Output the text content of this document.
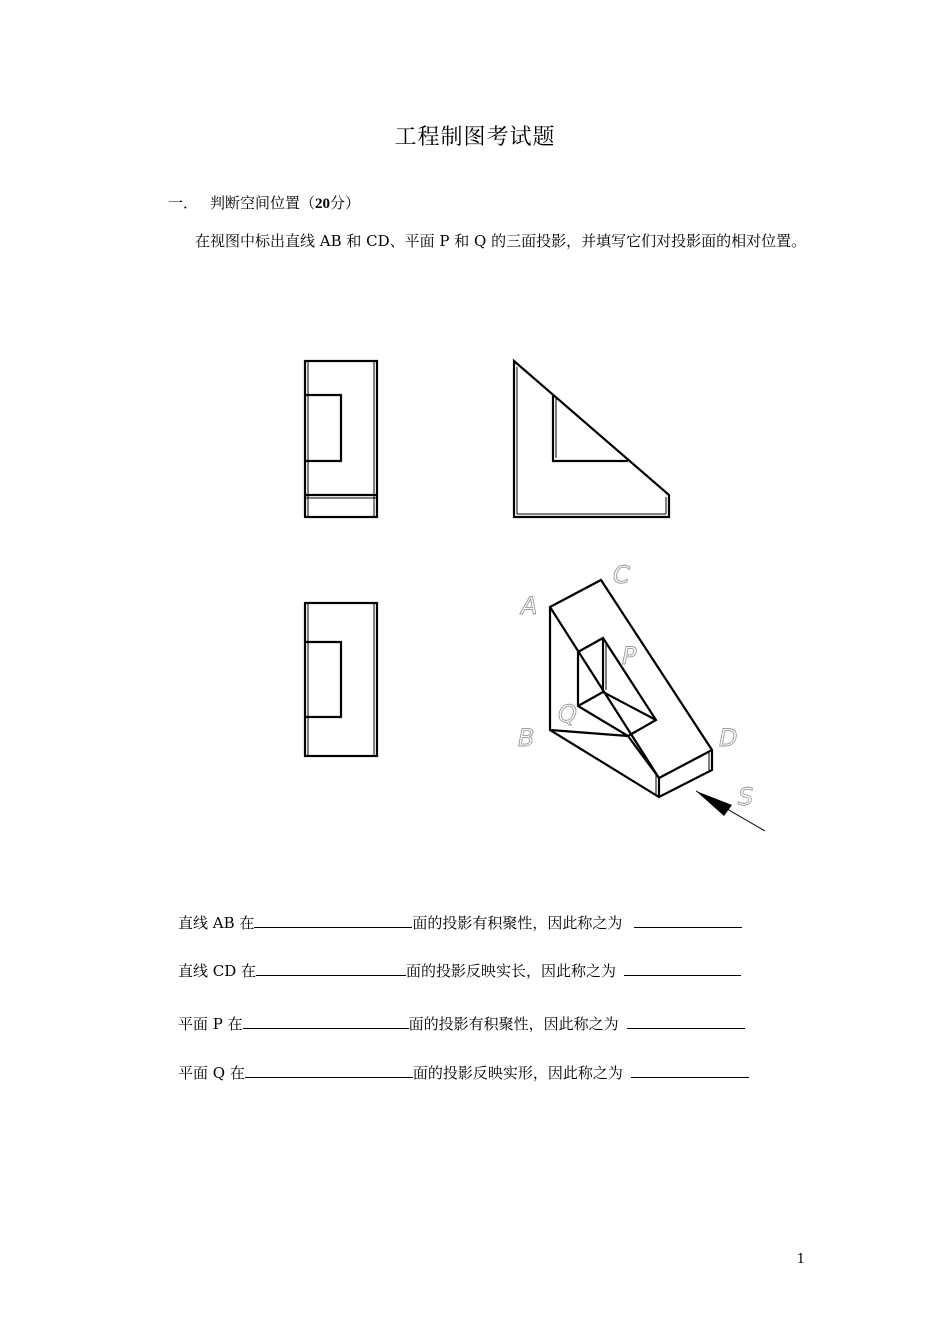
工程制图考试题
一． 判断空间位置（20分）
在视图中标出直线 AB 和 CD、平面 P 和 Q 的三面投影，并填写它们对投影面的相对位置。
A
C
P
Q
B	D
S
直线 AB 在	面的投影有积聚性，因此称之为
直线 CD 在	面的投影反映实长，因此称之为
平面 P 在	面的投影有积聚性，因此称之为
平面 Q 在	面的投影反映实形，因此称之为
1
